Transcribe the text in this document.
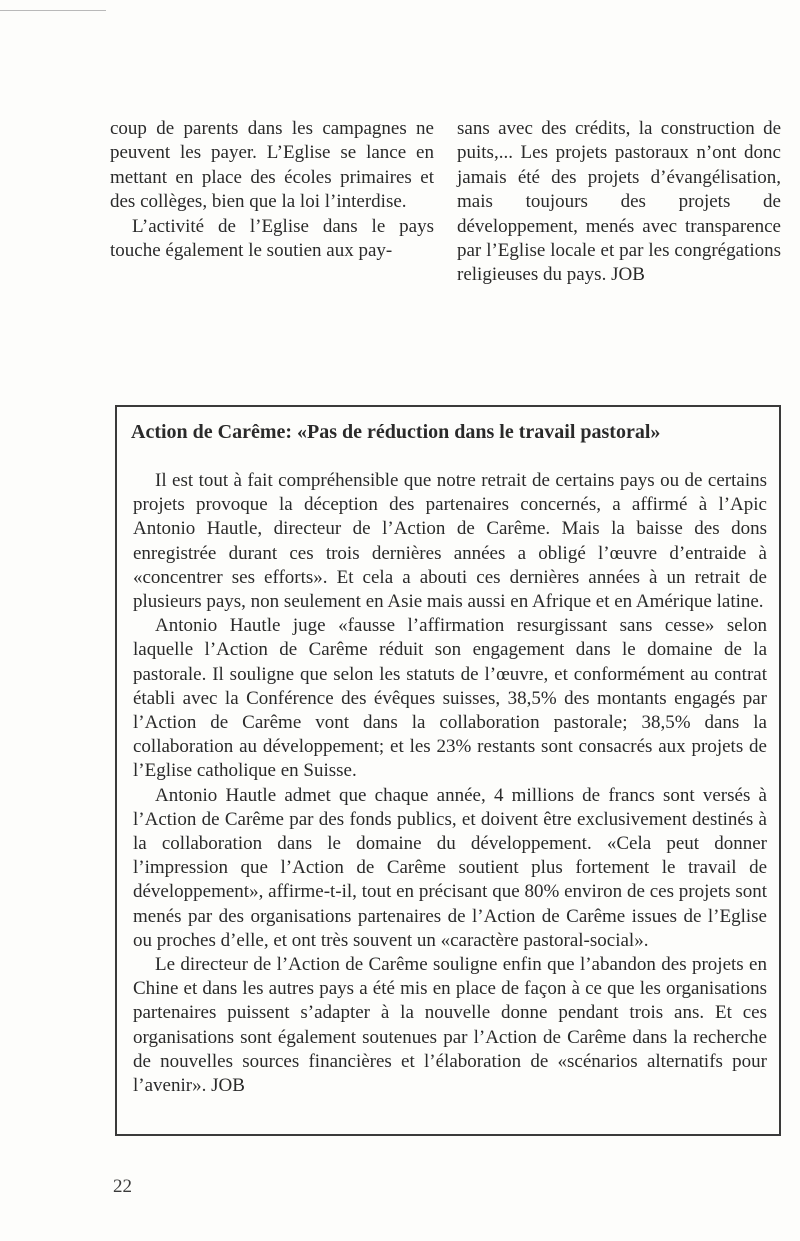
coup de parents dans les campagnes ne peuvent les payer. L’Eglise se lance en mettant en place des écoles primaires et des collèges, bien que la loi l’interdise.

L’activité de l’Eglise dans le pays touche également le soutien aux pay-

sans avec des crédits, la construction de puits,... Les projets pastoraux n’ont donc jamais été des projets d’évangélisation, mais toujours des projets de développement, menés avec transparence par l’Eglise locale et par les congrégations religieuses du pays. JOB

Action de Carême: «Pas de réduction dans le travail pastoral»

Il est tout à fait compréhensible que notre retrait de certains pays ou de certains projets provoque la déception des partenaires concernés, a affirmé à l’Apic Antonio Hautle, directeur de l’Action de Carême. Mais la baisse des dons enregistrée durant ces trois dernières années a obligé l’œuvre d’entraide à «concentrer ses efforts». Et cela a abouti ces dernières années à un retrait de plusieurs pays, non seulement en Asie mais aussi en Afrique et en Amérique latine.

Antonio Hautle juge «fausse l’affirmation resurgissant sans cesse» selon laquelle l’Action de Carême réduit son engagement dans le domaine de la pastorale. Il souligne que selon les statuts de l’œuvre, et conformément au contrat établi avec la Conférence des évêques suisses, 38,5% des montants engagés par l’Action de Carême vont dans la collaboration pastorale; 38,5% dans la collaboration au développement; et les 23% restants sont consacrés aux projets de l’Eglise catholique en Suisse.

Antonio Hautle admet que chaque année, 4 millions de francs sont versés à l’Action de Carême par des fonds publics, et doivent être exclusivement destinés à la collaboration dans le domaine du développement. «Cela peut donner l’impression que l’Action de Carême soutient plus fortement le travail de développement», affirme-t-il, tout en précisant que 80% environ de ces projets sont menés par des organisations partenaires de l’Action de Carême issues de l’Eglise ou proches d’elle, et ont très souvent un «caractère pastoral-social».

Le directeur de l’Action de Carême souligne enfin que l’abandon des projets en Chine et dans les autres pays a été mis en place de façon à ce que les organisations partenaires puissent s’adapter à la nouvelle donne pendant trois ans. Et ces organisations sont également soutenues par l’Action de Carême dans la recherche de nouvelles sources financières et l’élaboration de «scénarios alternatifs pour l’avenir». JOB

22
